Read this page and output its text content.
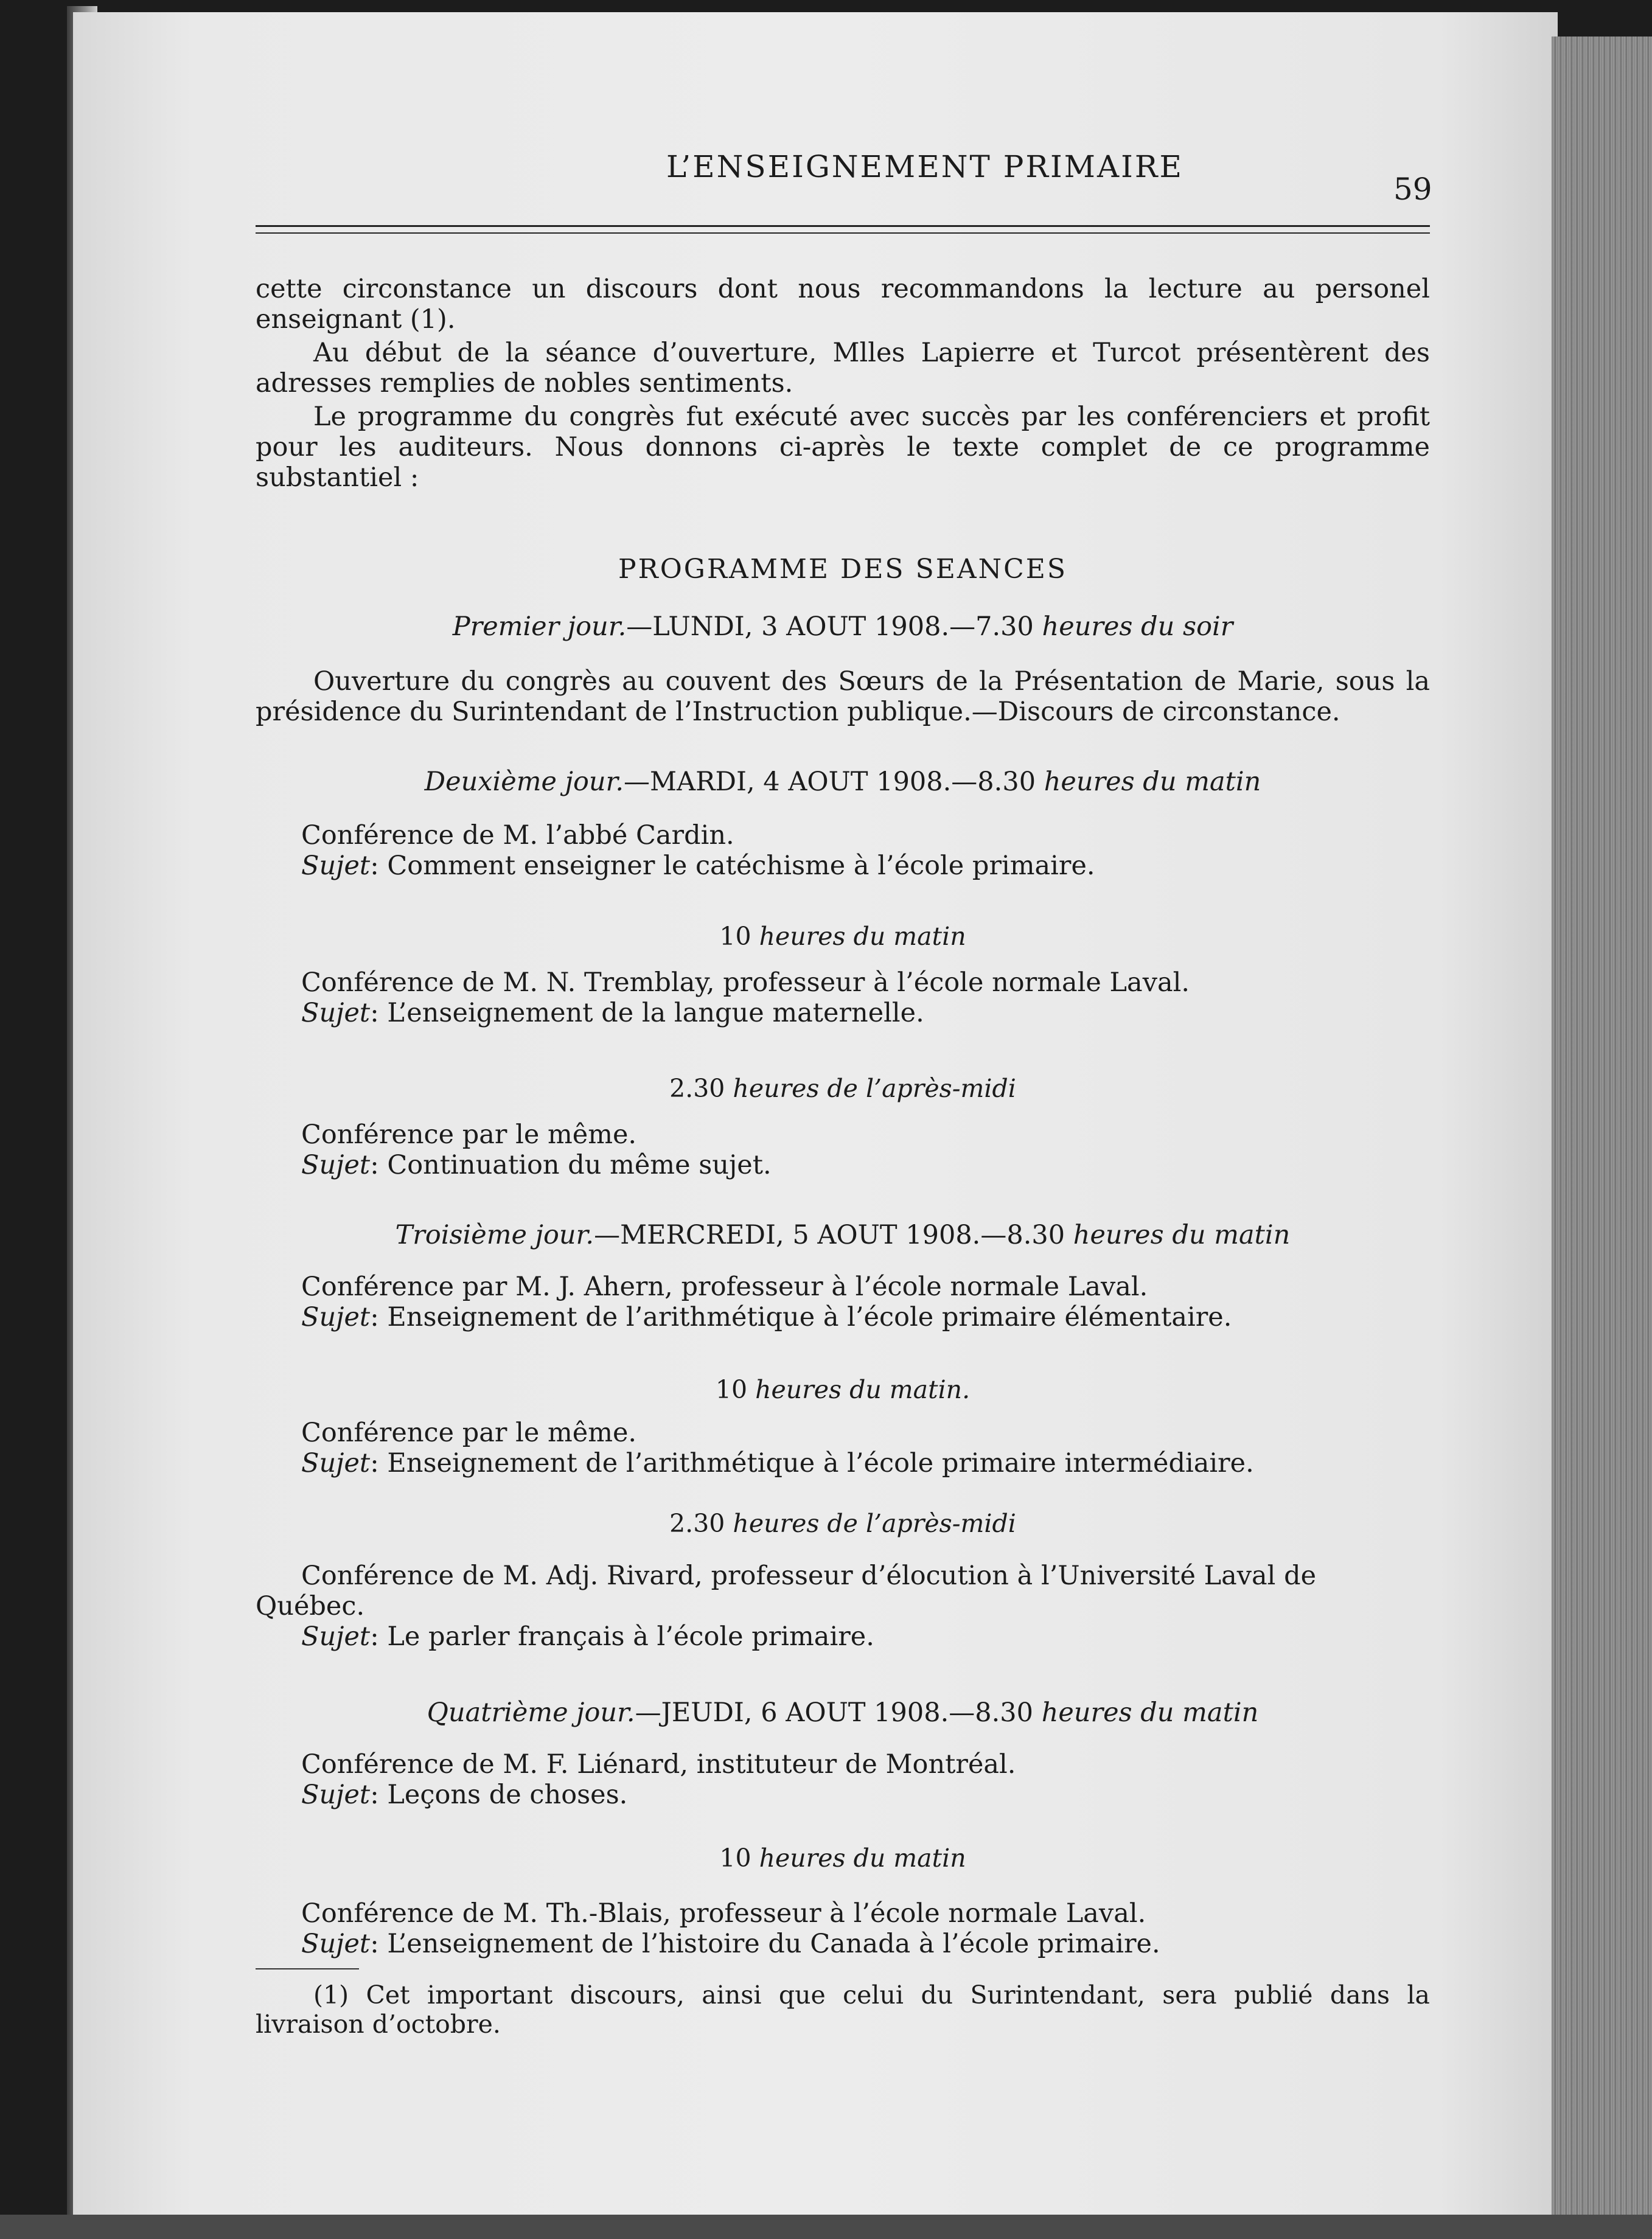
L’ENSEIGNEMENT PRIMAIRE
59
cette circonstance un discours dont nous recommandons la lecture au personel enseignant (1).
Au début de la séance d’ouverture, Mlles Lapierre et Turcot présentèrent des adresses remplies de nobles sentiments.
Le programme du congrès fut exécuté avec succès par les conférenciers et profit pour les auditeurs. Nous donnons ci-après le texte complet de ce programme substantiel :
PROGRAMME DES SEANCES
Premier jour.—LUNDI, 3 AOUT 1908.—7.30 heures du soir
Ouverture du congrès au couvent des Sœurs de la Présentation de Marie, sous la présidence du Surintendant de l’Instruction publique.—Discours de circonstance.
Deuxième jour.—MARDI, 4 AOUT 1908.—8.30 heures du matin
Conférence de M. l’abbé Cardin.
Sujet: Comment enseigner le catéchisme à l’école primaire.
10 heures du matin
Conférence de M. N. Tremblay, professeur à l’école normale Laval.
Sujet: L’enseignement de la langue maternelle.
2.30 heures de l’après-midi
Conférence par le même.
Sujet: Continuation du même sujet.
Troisième jour.—MERCREDI, 5 AOUT 1908.—8.30 heures du matin
Conférence par M. J. Ahern, professeur à l’école normale Laval.
Sujet: Enseignement de l’arithmétique à l’école primaire élémentaire.
10 heures du matin.
Conférence par le même.
Sujet: Enseignement de l’arithmétique à l’école primaire intermédiaire.
2.30 heures de l’après-midi
Conférence de M. Adj. Rivard, professeur d’élocution à l’Université Laval de
Québec.
Sujet: Le parler français à l’école primaire.
Quatrième jour.—JEUDI, 6 AOUT 1908.—8.30 heures du matin
Conférence de M. F. Liénard, instituteur de Montréal.
Sujet: Leçons de choses.
10 heures du matin
Conférence de M. Th.-Blais, professeur à l’école normale Laval.
Sujet: L’enseignement de l’histoire du Canada à l’école primaire.
(1) Cet important discours, ainsi que celui du Surintendant, sera publié dans la livraison d’octobre.
